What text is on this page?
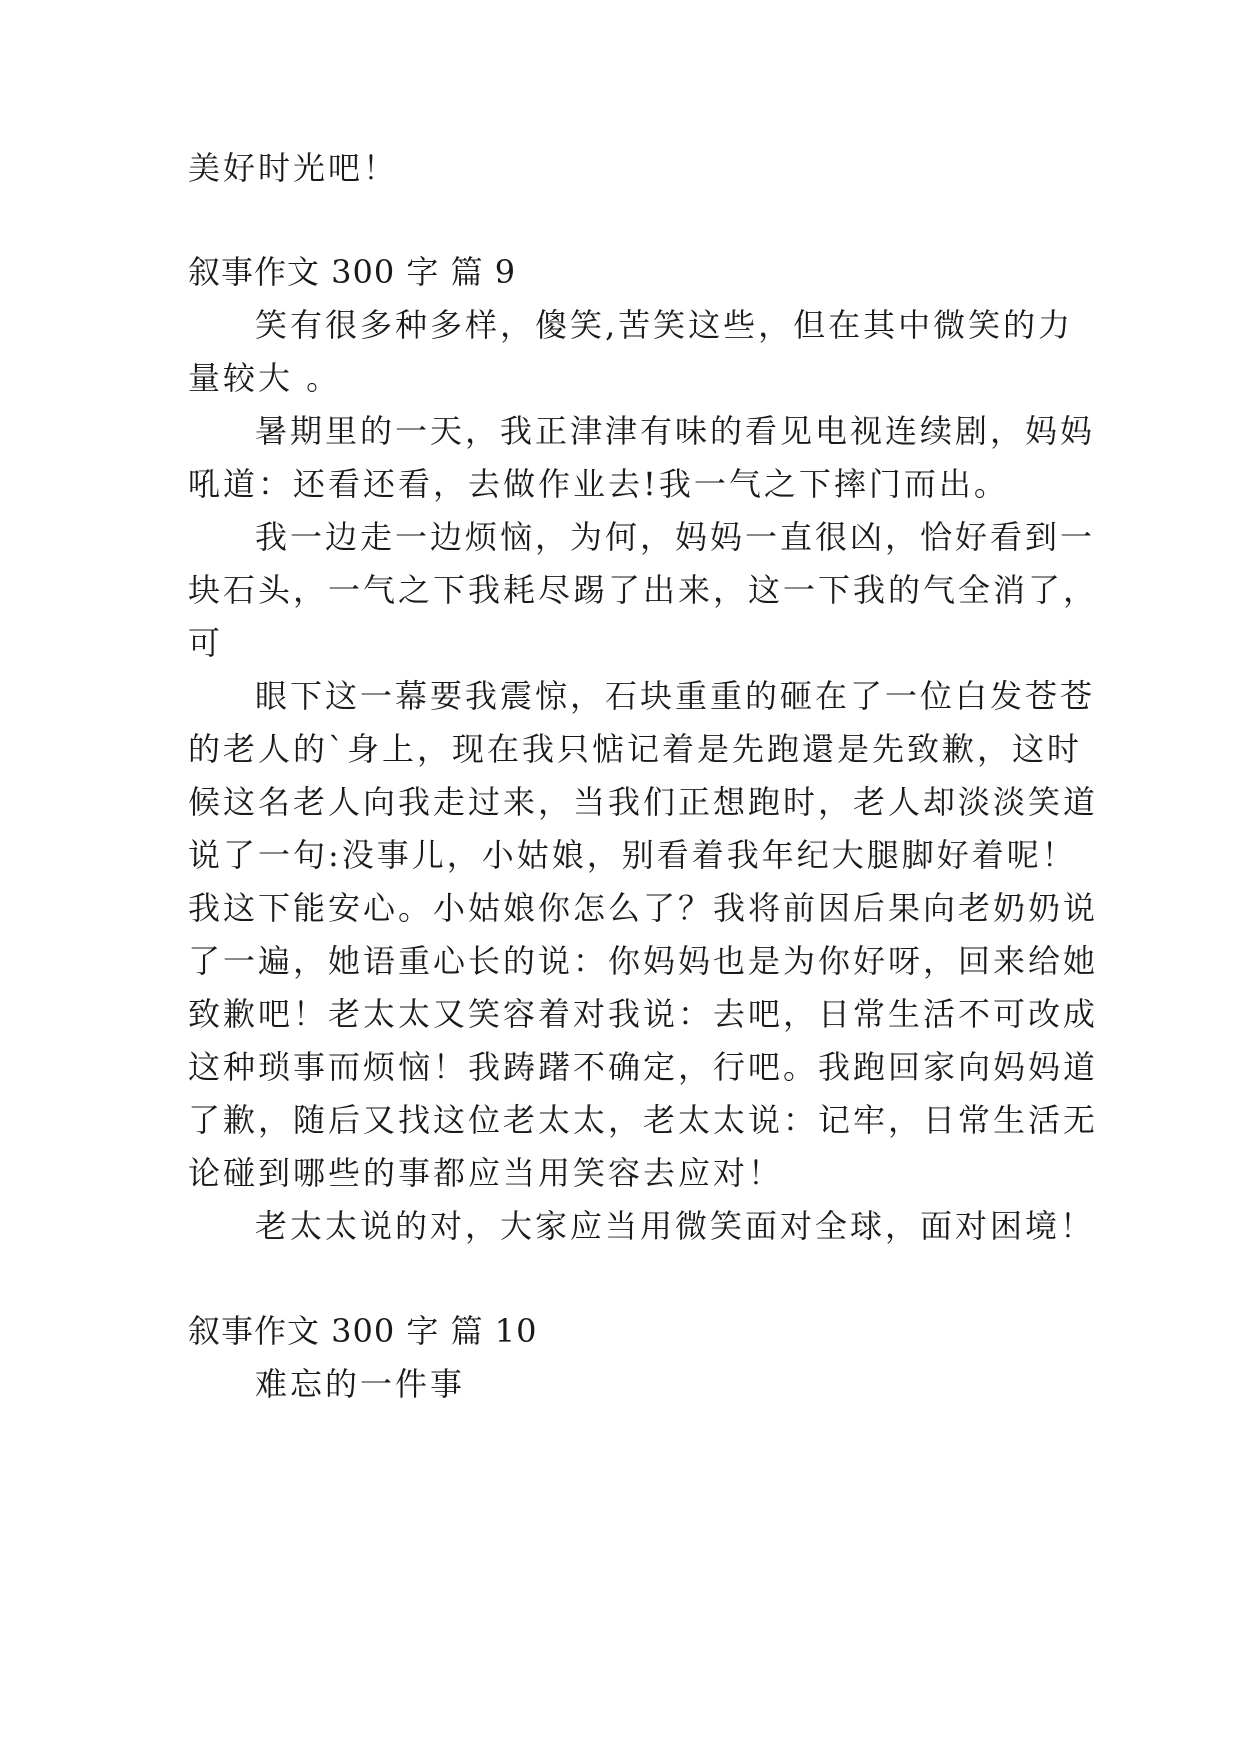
美好时光吧！
叙事作文 300 字 篇 9
笑有很多种多样，傻笑,苦笑这些，但在其中微笑的力
量较大 。
暑期里的一天，我正津津有味的看见电视连续剧，妈妈
吼道：还看还看，去做作业去!我一气之下摔门而出。
我一边走一边烦恼，为何，妈妈一直很凶，恰好看到一
块石头，一气之下我耗尽踢了出来，这一下我的气全消了，
可
眼下这一幕要我震惊，石块重重的砸在了一位白发苍苍
的老人的`身上，现在我只惦记着是先跑還是先致歉，这时
候这名老人向我走过来，当我们正想跑时，老人却淡淡笑道
说了一句:没事儿，小姑娘，别看着我年纪大腿脚好着呢！
我这下能安心。小姑娘你怎么了？我将前因后果向老奶奶说
了一遍，她语重心长的说：你妈妈也是为你好呀，回来给她
致歉吧！老太太又笑容着对我说：去吧，日常生活不可改成
这种琐事而烦恼！我踌躇不确定，行吧。我跑回家向妈妈道
了歉，随后又找这位老太太，老太太说：记牢，日常生活无
论碰到哪些的事都应当用笑容去应对！
老太太说的对，大家应当用微笑面对全球，面对困境！
叙事作文 300 字 篇 10
难忘的一件事
